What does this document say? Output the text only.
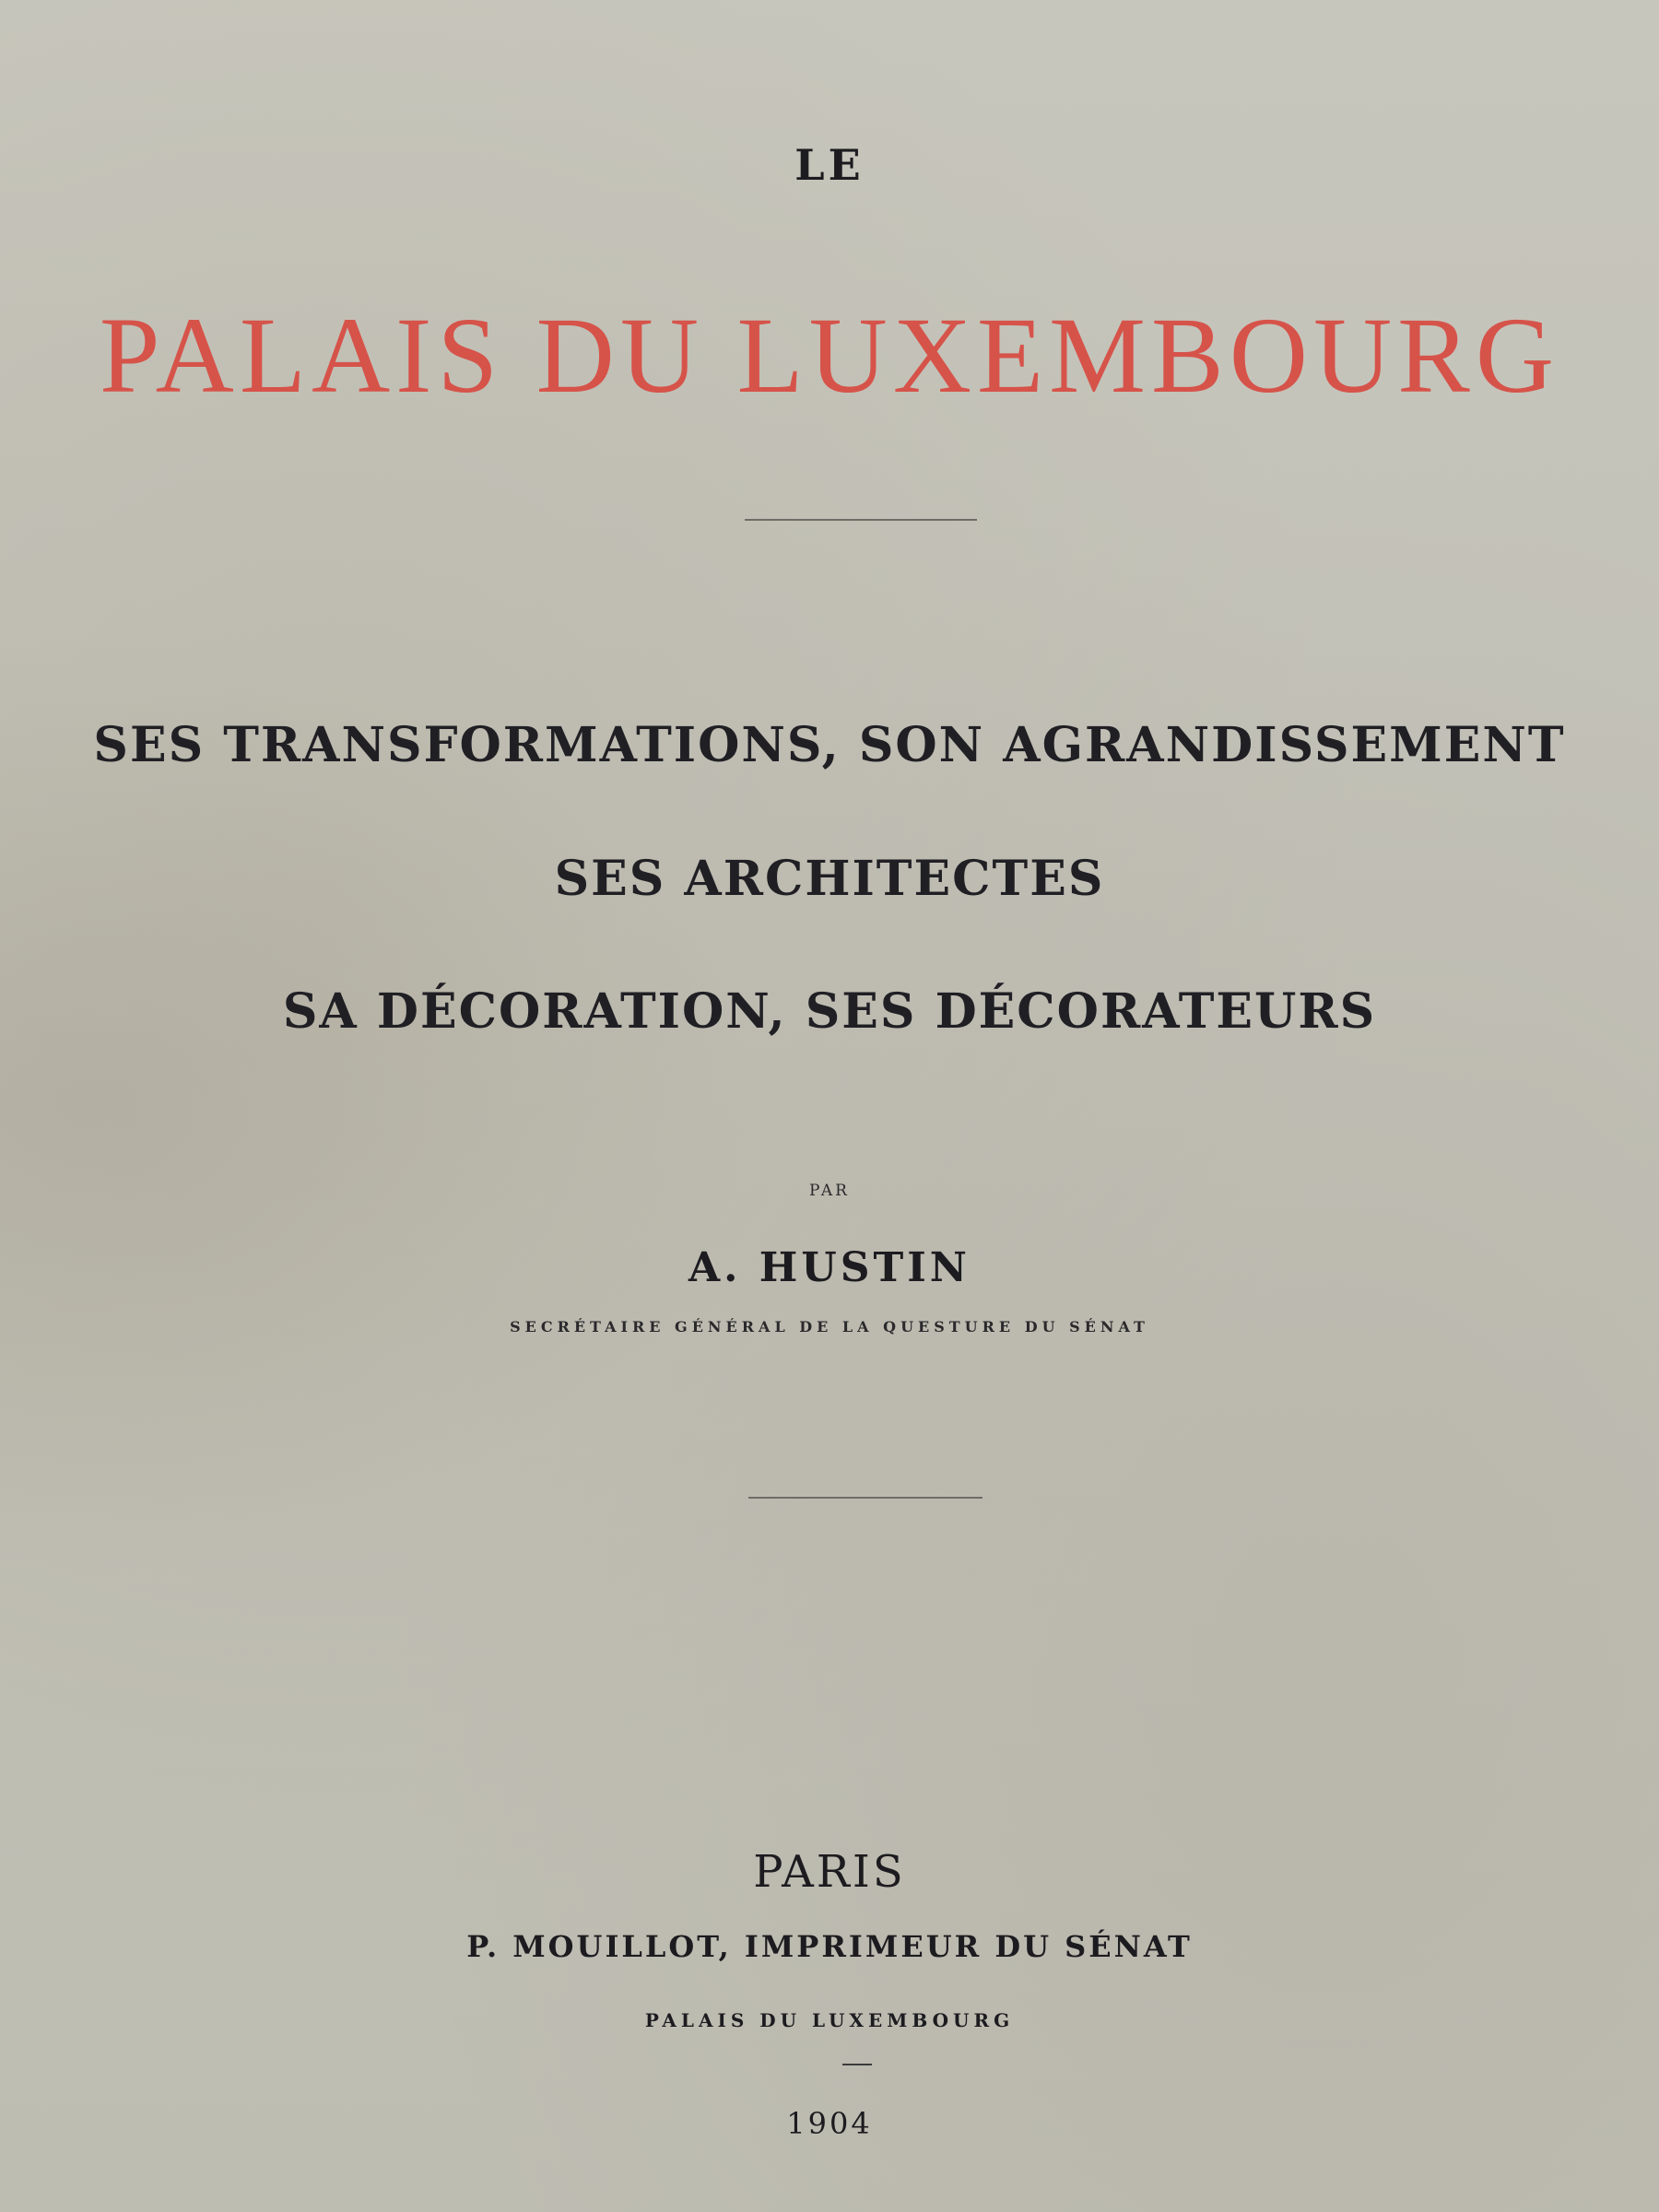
LE
PALAIS DU LUXEMBOURG
SES TRANSFORMATIONS, SON AGRANDISSEMENT
SES ARCHITECTES
SA DÉCORATION, SES DÉCORATEURS
PAR
A. HUSTIN
SECRÉTAIRE GÉNÉRAL DE LA QUESTURE DU SÉNAT
PARIS
P. MOUILLOT, IMPRIMEUR DU SÉNAT
PALAIS DU LUXEMBOURG
1904
